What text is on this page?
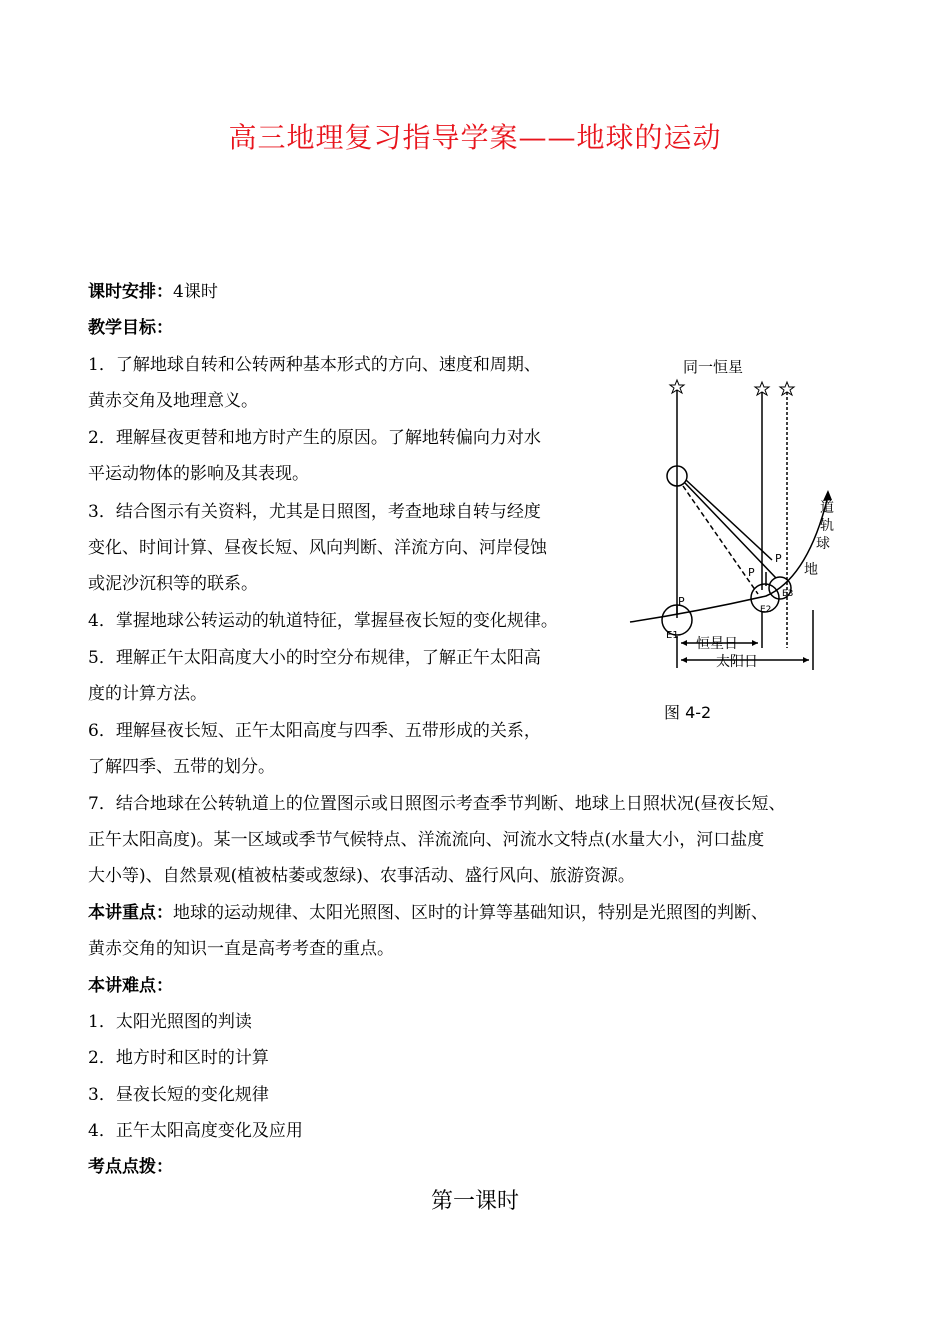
高三地理复习指导学案——地球的运动
课时安排：4课时
教学目标：
1．了解地球自转和公转两种基本形式的方向、速度和周期、
黄赤交角及地理意义。
2．理解昼夜更替和地方时产生的原因。了解地转偏向力对水
平运动物体的影响及其表现。
3．结合图示有关资料，尤其是日照图，考查地球自转与经度
变化、时间计算、昼夜长短、风向判断、洋流方向、河岸侵蚀
或泥沙沉积等的联系。
4．掌握地球公转运动的轨道特征，掌握昼夜长短的变化规律。
5．理解正午太阳高度大小的时空分布规律，了解正午太阳高
度的计算方法。
6．理解昼夜长短、正午太阳高度与四季、五带形成的关系，
了解四季、五带的划分。
7．结合地球在公转轨道上的位置图示或日照图示考查季节判断、地球上日照状况(昼夜长短、
正午太阳高度)。某一区域或季节气候特点、洋流流向、河流水文特点(水量大小，河口盐度
大小等)、自然景观(植被枯萎或葱绿)、农事活动、盛行风向、旅游资源。
本讲重点：地球的运动规律、太阳光照图、区时的计算等基础知识，特别是光照图的判断、
黄赤交角的知识一直是高考考查的重点。
本讲难点：
1．太阳光照图的判读
2．地方时和区时的计算
3．昼夜长短的变化规律
4．正午太阳高度变化及应用
考点点拨：
第一课时
同一恒星
道
轨
球
地
P
P
P
E1
E2
E3
恒星日
太阳日
图 4-2
